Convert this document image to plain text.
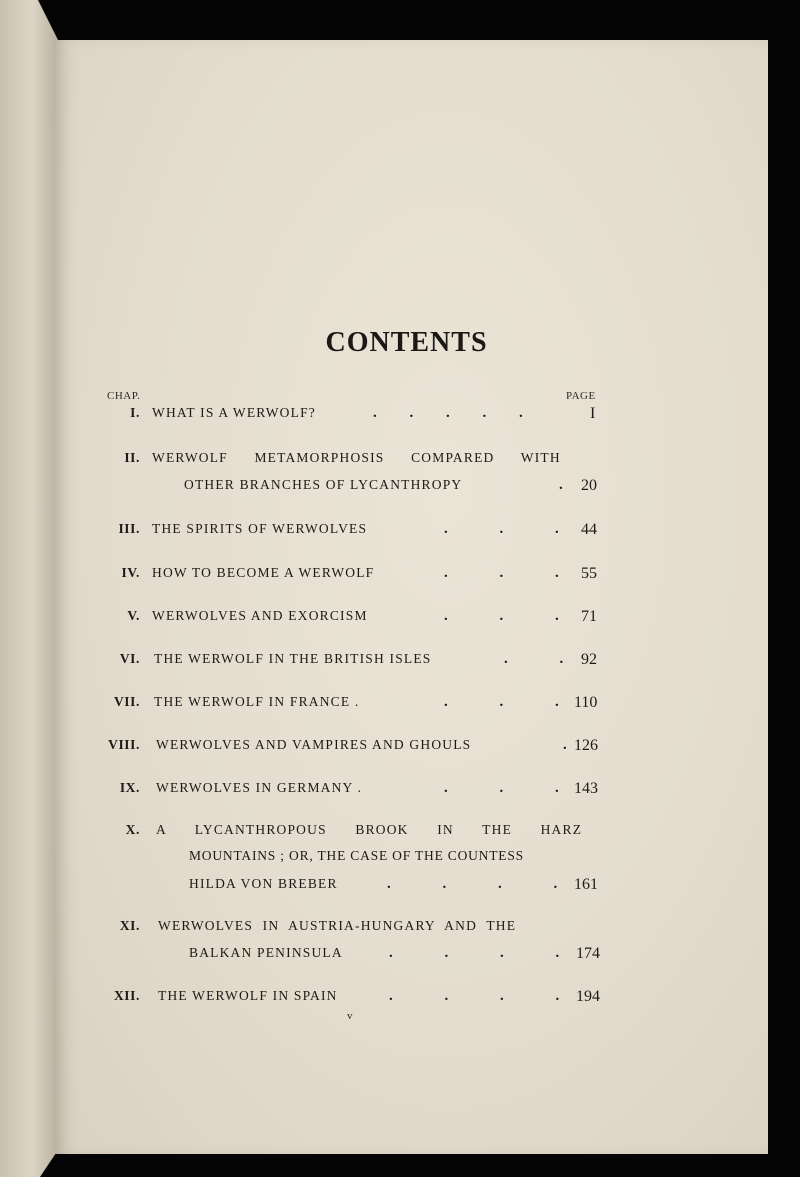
CONTENTS
CHAP.	PAGE
I. WHAT IS A WERWOLF?	. . . . .	I
II. WERWOLF METAMORPHOSIS COMPARED WITH
OTHER BRANCHES OF LYCANTHROPY	. 20
III. THE SPIRITS OF WERWOLVES	. . . 44
IV. HOW TO BECOME A WERWOLF	. . . 55
V. WERWOLVES AND EXORCISM	. . . 71
VI. THE WERWOLF IN THE BRITISH ISLES	. . 92
VII. THE WERWOLF IN FRANCE .	. . . 110
VIII. WERWOLVES AND VAMPIRES AND GHOULS	. 126
IX. WERWOLVES IN GERMANY .	. . . 143
X. A LYCANTHROPOUS BROOK IN THE HARZ
MOUNTAINS ; OR, THE CASE OF THE COUNTESS
HILDA VON BREBER	. . . . 161
XI. WERWOLVES IN AUSTRIA-HUNGARY AND THE
BALKAN PENINSULA	. . . . 174
XII. THE WERWOLF IN SPAIN	. . . . 194
v
